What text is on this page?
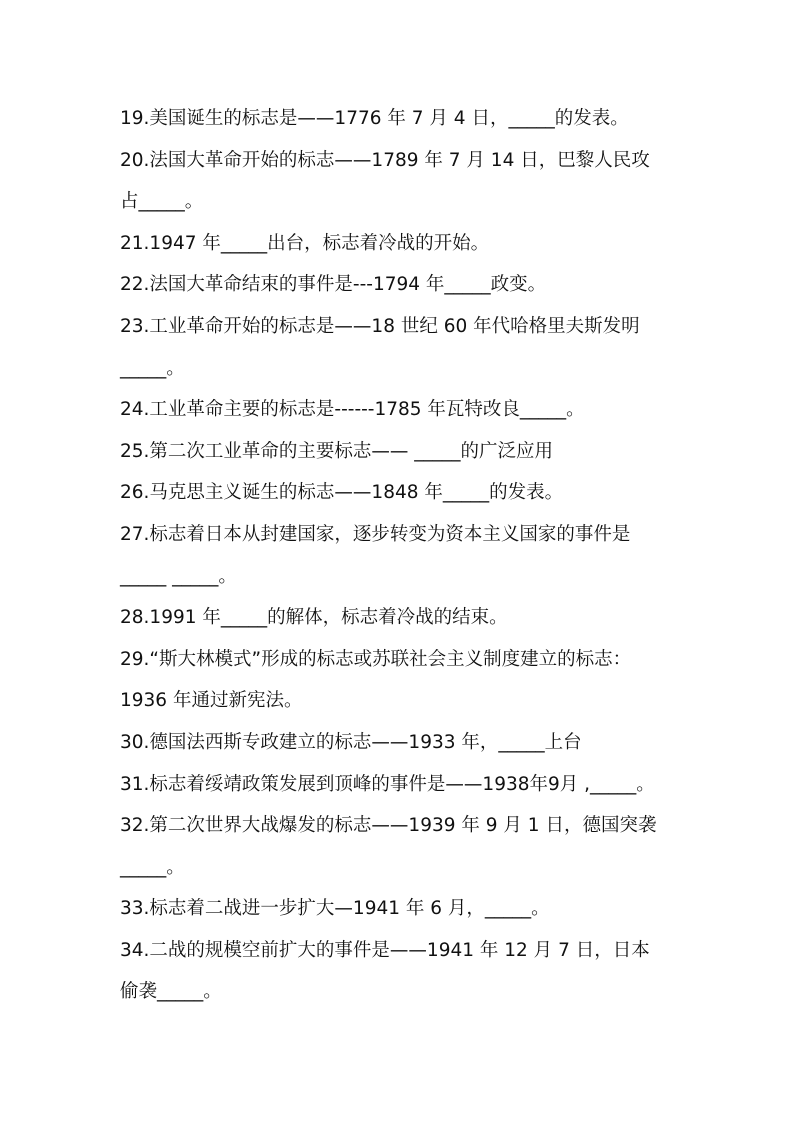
19.美国诞生的标志是——1776 年 7 月 4 日，_____的发表。
20.法国大革命开始的标志——1789 年 7 月 14 日，巴黎人民攻
占_____。
21.1947 年_____出台，标志着冷战的开始。
22.法国大革命结束的事件是---1794 年_____政变。
23.工业革命开始的标志是——18 世纪 60 年代哈格里夫斯发明
_____。
24.工业革命主要的标志是------1785 年瓦特改良_____。
25.第二次工业革命的主要标志—— _____的广泛应用
26.马克思主义诞生的标志——1848 年_____的发表。
27.标志着日本从封建国家，逐步转变为资本主义国家的事件是
_____ _____。
28.1991 年_____的解体，标志着冷战的结束。
29.“斯大林模式”形成的标志或苏联社会主义制度建立的标志：
1936 年通过新宪法。
30.德国法西斯专政建立的标志——1933 年，_____上台
31.标志着绥靖政策发展到顶峰的事件是——1938年9月 ,_____。
32.第二次世界大战爆发的标志——1939 年 9 月 1 日，德国突袭
_____。
33.标志着二战进一步扩大—1941 年 6 月，_____。
34.二战的规模空前扩大的事件是——1941 年 12 月 7 日，日本
偷袭_____。
